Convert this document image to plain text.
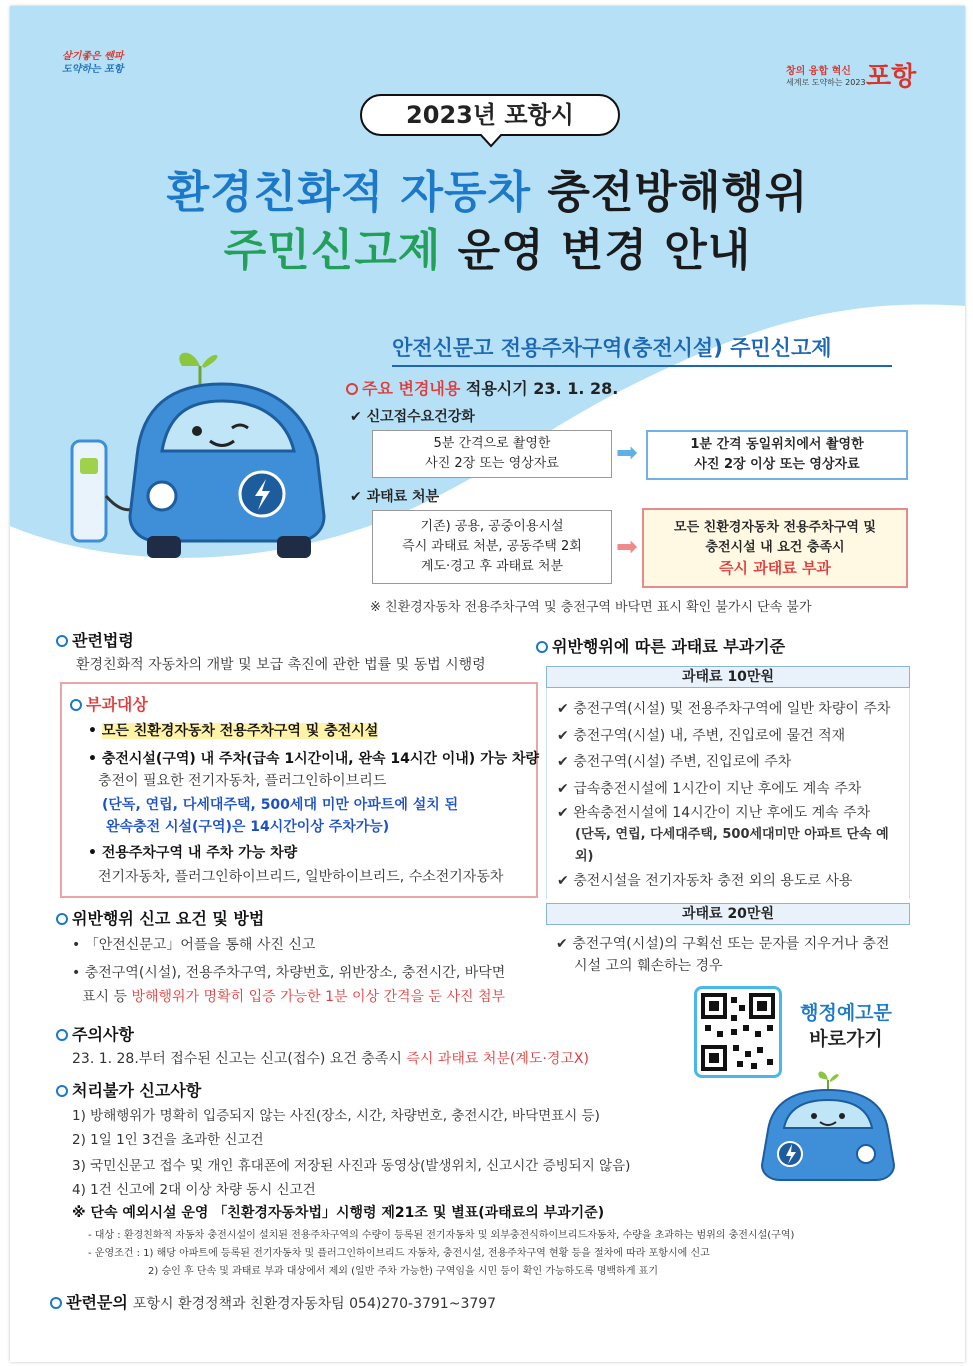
살기좋은 쎈파
도약하는 포항	창의 융합 혁신
세계로 도약하는 2023 포항
2023년 포항시
환경친화적 자동차 충전방해행위
주민신고제 운영 변경 안내
안전신문고 전용주차구역(충전시설) 주민신고제
주요 변경내용 적용시기 23. 1. 28.
✔ 신고접수요건강화
5분 간격으로 촬영한
사진 2장 또는 영상자료 ➡	1분 간격 동일위치에서 촬영한
사진 2장 이상 또는 영상자료
✔ 과태료 처분
기존) 공용, 공중이용시설
즉시 과태료 처분, 공동주택 2회
계도·경고 후 과태료 처분
➡
모든 친환경자동차 전용주차구역 및
충전시설 내 요건 충족시
즉시 과태료 부과
※ 친환경자동차 전용주차구역 및 충전구역 바닥면 표시 확인 불가시 단속 불가
관련법령
환경친화적 자동차의 개발 및 보급 촉진에 관한 법률 및 동법 시행령
부과대상
• 모든 친환경자동차 전용주차구역 및 충전시설
• 충전시설(구역) 내 주차(급속 1시간이내, 완속 14시간 이내) 가능 차량
충전이 필요한 전기자동차, 플러그인하이브리드
(단독, 연립, 다세대주택, 500세대 미만 아파트에 설치 된
완속충전 시설(구역)은 14시간이상 주차가능)
• 전용주차구역 내 주차 가능 차량
전기자동차, 플러그인하이브리드, 일반하이브리드, 수소전기자동차
위반행위에 따른 과태료 부과기준
과태료 10만원
✔ 충전구역(시설) 및 전용주차구역에 일반 차량이 주차
✔ 충전구역(시설) 내, 주변, 진입로에 물건 적재
✔ 충전구역(시설) 주변, 진입로에 주차
✔ 급속충전시설에 1시간이 지난 후에도 계속 주차
✔ 완속충전시설에 14시간이 지난 후에도 계속 주차
(단독, 연립, 다세대주택, 500세대미만 아파트 단속 예외)
✔ 충전시설을 전기자동차 충전 외의 용도로 사용
과태료 20만원
✔ 충전구역(시설)의 구획선 또는 문자를 지우거나 충전
시설 고의 훼손하는 경우
위반행위 신고 요건 및 방법
• 「안전신문고」어플을 통해 사진 신고
• 충전구역(시설), 전용주차구역, 차량번호, 위반장소, 충전시간, 바닥면
표시 등 방해행위가 명확히 입증 가능한 1분 이상 간격을 둔 사진 첨부
주의사항
23. 1. 28.부터 접수된 신고는 신고(접수) 요건 충족시 즉시 과태료 처분(계도·경고X)
행정예고문
바로가기
처리불가 신고사항
1) 방해행위가 명확히 입증되지 않는 사진(장소, 시간, 차량번호, 충전시간, 바닥면표시 등)
2) 1일 1인 3건을 초과한 신고건
3) 국민신문고 접수 및 개인 휴대폰에 저장된 사진과 동영상(발생위치, 신고시간 증빙되지 않음)
4) 1건 신고에 2대 이상 차량 동시 신고건
※ 단속 예외시설 운영 「친환경자동차법」시행령 제21조 및 별표(과태료의 부과기준)
- 대상 : 환경친화적 자동차 충전시설이 설치된 전용주차구역의 수량이 등록된 전기자동차 및 외부충전식하이브리드자동차, 수량을 초과하는 범위의 충전시설(구역)
- 운영조건 : 1) 해당 아파트에 등록된 전기자동차 및 플러그인하이브리드 자동차, 충전시설, 전용주차구역 현황 등을 절차에 따라 포항시에 신고
2) 승인 후 단속 및 과태료 부과 대상에서 제외 (일반 주차 가능한) 구역임을 시민 등이 확인 가능하도록 명백하게 표기
관련문의 포항시 환경정책과 친환경자동차팀 054)270-3791~3797
